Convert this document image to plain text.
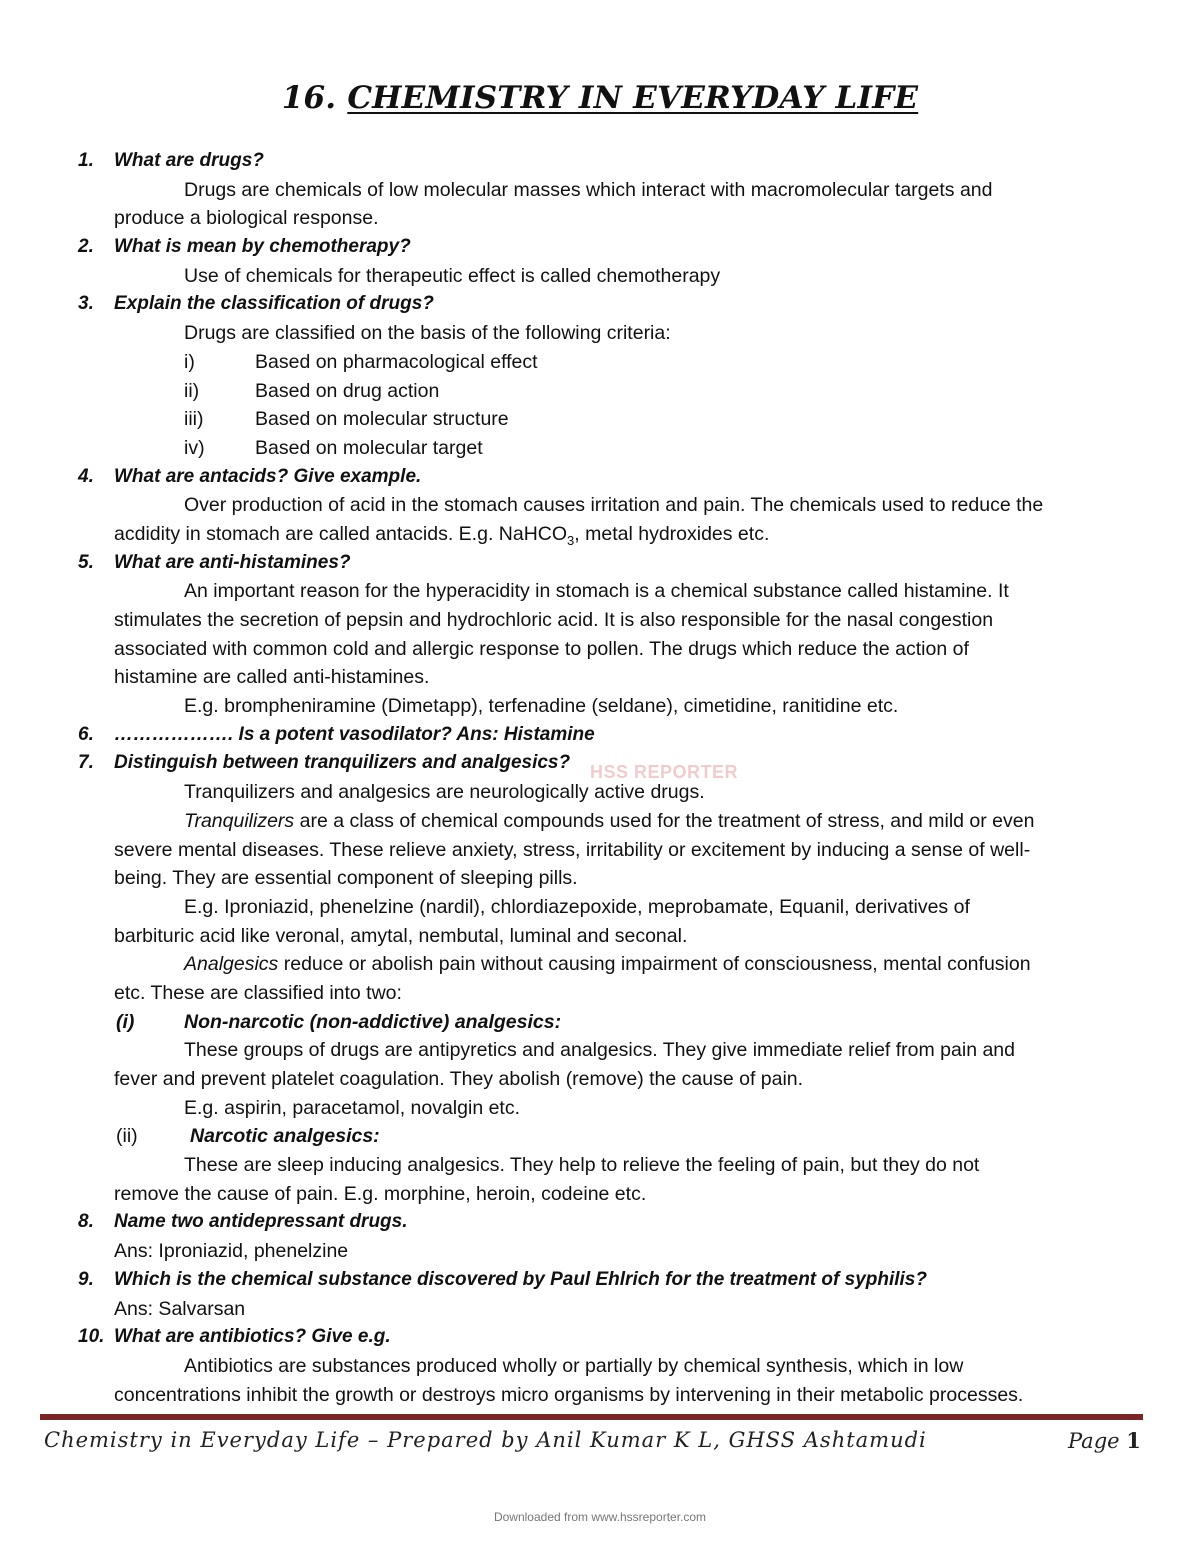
16. CHEMISTRY IN EVERYDAY LIFE
1. What are drugs?
Drugs are chemicals of low molecular masses which interact with macromolecular targets and
produce a biological response.
2. What is mean by chemotherapy?
Use of chemicals for therapeutic effect is called chemotherapy
3. Explain the classification of drugs?
Drugs are classified on the basis of the following criteria:
i)	Based on pharmacological effect
ii)	Based on drug action
iii)	Based on molecular structure
iv)	Based on molecular target
4. What are antacids? Give example.
Over production of acid in the stomach causes irritation and pain. The chemicals used to reduce the
acdidity in stomach are called antacids. E.g. NaHCO$_3$, metal hydroxides etc.
5. What are anti-histamines?
An important reason for the hyperacidity in stomach is a chemical substance called histamine. It
stimulates the secretion of pepsin and hydrochloric acid. It is also responsible for the nasal congestion
associated with common cold and allergic response to pollen. The drugs which reduce the action of
histamine are called anti-histamines.
E.g. brompheniramine (Dimetapp), terfenadine (seldane), cimetidine, ranitidine etc.
6. ………………. Is a potent vasodilator? Ans: Histamine
7. Distinguish between tranquilizers and analgesics?
Tranquilizers and analgesics are neurologically active drugs.
Tranquilizers are a class of chemical compounds used for the treatment of stress, and mild or even
severe mental diseases. These relieve anxiety, stress, irritability or excitement by inducing a sense of well-
being. They are essential component of sleeping pills.
E.g. Iproniazid, phenelzine (nardil), chlordiazepoxide, meprobamate, Equanil, derivatives of
barbituric acid like veronal, amytal, nembutal, luminal and seconal.
Analgesics reduce or abolish pain without causing impairment of consciousness, mental confusion
etc. These are classified into two:
(i)	Non-narcotic (non-addictive) analgesics:
These groups of drugs are antipyretics and analgesics. They give immediate relief from pain and
fever and prevent platelet coagulation. They abolish (remove) the cause of pain.
E.g. aspirin, paracetamol, novalgin etc.
(ii)	Narcotic analgesics:
These are sleep inducing analgesics. They help to relieve the feeling of pain, but they do not
remove the cause of pain. E.g. morphine, heroin, codeine etc.
8. Name two antidepressant drugs.
Ans: Iproniazid, phenelzine
9. Which is the chemical substance discovered by Paul Ehlrich for the treatment of syphilis?
Ans: Salvarsan
10. What are antibiotics? Give e.g.
Antibiotics are substances produced wholly or partially by chemical synthesis, which in low
concentrations inhibit the growth or destroys micro organisms by intervening in their metabolic processes.
HSS REPORTER
Chemistry in Everyday Life – Prepared by Anil Kumar K L, GHSS Ashtamudi	Page 1
Downloaded from www.hssreporter.com
